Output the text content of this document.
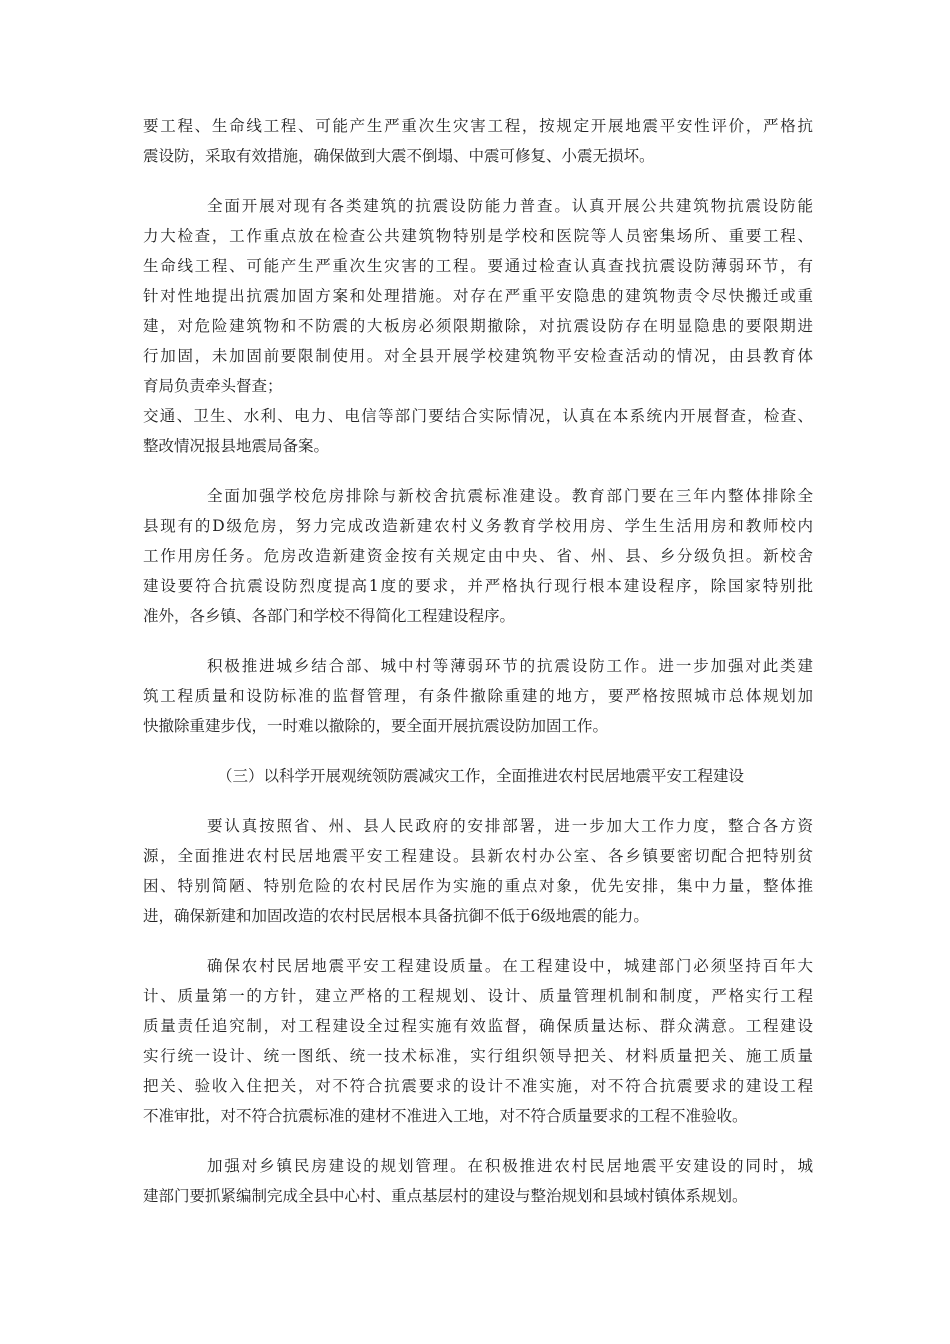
要工程、生命线工程、可能产生严重次生灾害工程，按规定开展地震平安性评价，严格抗
震设防，采取有效措施，确保做到大震不倒塌、中震可修复、小震无损坏。
全面开展对现有各类建筑的抗震设防能力普查。认真开展公共建筑物抗震设防能
力大检查，工作重点放在检查公共建筑物特别是学校和医院等人员密集场所、重要工程、
生命线工程、可能产生严重次生灾害的工程。要通过检查认真查找抗震设防薄弱环节，有
针对性地提出抗震加固方案和处理措施。对存在严重平安隐患的建筑物责令尽快搬迁或重
建，对危险建筑物和不防震的大板房必须限期撤除，对抗震设防存在明显隐患的要限期进
行加固，未加固前要限制使用。对全县开展学校建筑物平安检查活动的情况，由县教育体
育局负责牵头督查；
交通、卫生、水利、电力、电信等部门要结合实际情况，认真在本系统内开展督查，检查、
整改情况报县地震局备案。
全面加强学校危房排除与新校舍抗震标准建设。教育部门要在三年内整体排除全
县现有的D级危房，努力完成改造新建农村义务教育学校用房、学生生活用房和教师校内
工作用房任务。危房改造新建资金按有关规定由中央、省、州、县、乡分级负担。新校舍
建设要符合抗震设防烈度提高1度的要求，并严格执行现行根本建设程序，除国家特别批
准外，各乡镇、各部门和学校不得简化工程建设程序。
积极推进城乡结合部、城中村等薄弱环节的抗震设防工作。进一步加强对此类建
筑工程质量和设防标准的监督管理，有条件撤除重建的地方，要严格按照城市总体规划加
快撤除重建步伐，一时难以撤除的，要全面开展抗震设防加固工作。
（三）以科学开展观统领防震减灾工作，全面推进农村民居地震平安工程建设
要认真按照省、州、县人民政府的安排部署，进一步加大工作力度，整合各方资
源，全面推进农村民居地震平安工程建设。县新农村办公室、各乡镇要密切配合把特别贫
困、特别简陋、特别危险的农村民居作为实施的重点对象，优先安排，集中力量，整体推
进，确保新建和加固改造的农村民居根本具备抗御不低于6级地震的能力。
确保农村民居地震平安工程建设质量。在工程建设中，城建部门必须坚持百年大
计、质量第一的方针，建立严格的工程规划、设计、质量管理机制和制度，严格实行工程
质量责任追究制，对工程建设全过程实施有效监督，确保质量达标、群众满意。工程建设
实行统一设计、统一图纸、统一技术标准，实行组织领导把关、材料质量把关、施工质量
把关、验收入住把关，对不符合抗震要求的设计不准实施，对不符合抗震要求的建设工程
不准审批，对不符合抗震标准的建材不准进入工地，对不符合质量要求的工程不准验收。
加强对乡镇民房建设的规划管理。在积极推进农村民居地震平安建设的同时，城
建部门要抓紧编制完成全县中心村、重点基层村的建设与整治规划和县域村镇体系规划。
